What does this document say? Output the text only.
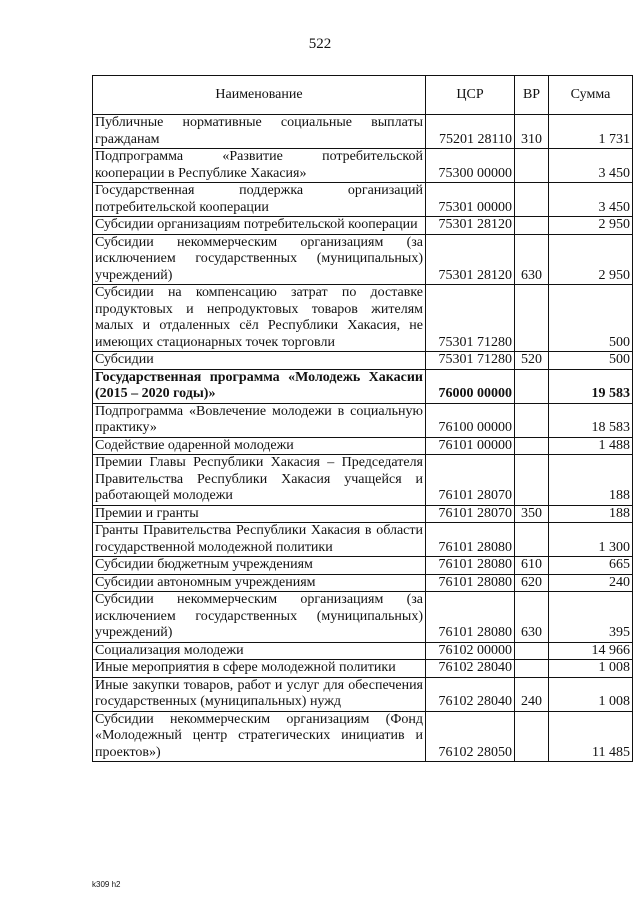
522
Наименование	ЦСР	ВР	Сумма
Публичные нормативные социальные выплаты гражданам	75201 28110	310	1 731
Подпрограмма «Развитие потребительской кооперации в Республике Хакасия»	75300 00000		3 450
Государственная поддержка организаций потребительской кооперации	75301 00000		3 450
Субсидии организациям потребительской кооперации	75301 28120		2 950
Субсидии некоммерческим организациям (за исключением государственных (муниципальных) учреждений)	75301 28120	630	2 950
Субсидии на компенсацию затрат по доставке продуктовых и непродуктовых товаров жителям малых и отдаленных сёл Республики Хакасия, не имеющих стационарных точек торговли	75301 71280		500
Субсидии	75301 71280	520	500
Государственная программа «Молодежь Хакасии (2015 – 2020 годы)»	76000 00000		19 583
Подпрограмма «Вовлечение молодежи в социальную практику»	76100 00000		18 583
Содействие одаренной молодежи	76101 00000		1 488
Премии Главы Республики Хакасия – Председателя Правительства Республики Хакасия учащейся и работающей молодежи	76101 28070		188
Премии и гранты	76101 28070	350	188
Гранты Правительства Республики Хакасия в области государственной молодежной политики	76101 28080		1 300
Субсидии бюджетным учреждениям	76101 28080	610	665
Субсидии автономным учреждениям	76101 28080	620	240
Субсидии некоммерческим организациям (за исключением государственных (муниципальных) учреждений)	76101 28080	630	395
Социализация молодежи	76102 00000		14 966
Иные мероприятия в сфере молодежной политики	76102 28040		1 008
Иные закупки товаров, работ и услуг для обеспечения государственных (муниципальных) нужд	76102 28040	240	1 008
Субсидии некоммерческим организациям (Фонд «Молодежный центр стратегических инициатив и проектов»)	76102 28050		11 485
k309 h2
